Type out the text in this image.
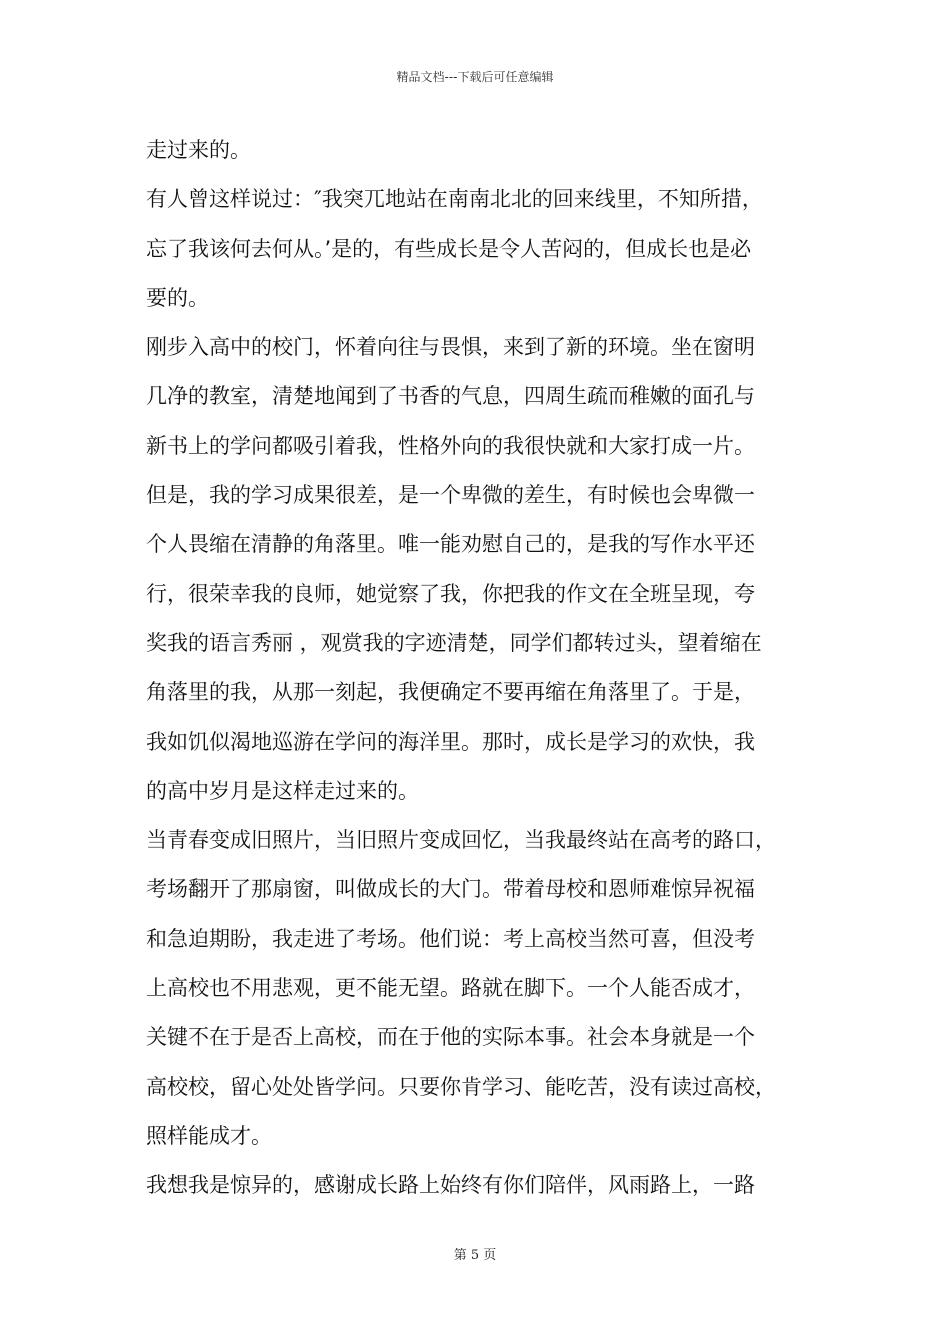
精品文档---下载后可任意编辑
走过来的。
有人曾这样说过：″我突兀地站在南南北北的回来线里，不知所措，
忘了我该何去何从。’是的，有些成长是令人苦闷的，但成长也是必
要的。
刚步入高中的校门，怀着向往与畏惧，来到了新的环境。坐在窗明
几净的教室，清楚地闻到了书香的气息，四周生疏而稚嫩的面孔与
新书上的学问都吸引着我，性格外向的我很快就和大家打成一片。
但是，我的学习成果很差，是一个卑微的差生，有时候也会卑微一
个人畏缩在清静的角落里。唯一能劝慰自己的，是我的写作水平还
行，很荣幸我的良师，她觉察了我，你把我的作文在全班呈现，夸
奖我的语言秀丽 ，观赏我的字迹清楚，同学们都转过头，望着缩在
角落里的我，从那一刻起，我便确定不要再缩在角落里了。于是，
我如饥似渴地巡游在学问的海洋里。那时，成长是学习的欢快，我
的高中岁月是这样走过来的。
当青春变成旧照片，当旧照片变成回忆，当我最终站在高考的路口，
考场翻开了那扇窗，叫做成长的大门。带着母校和恩师难惊异祝福
和急迫期盼，我走进了考场。他们说：考上高校当然可喜，但没考
上高校也不用悲观，更不能无望。路就在脚下。一个人能否成才，
关键不在于是否上高校，而在于他的实际本事。社会本身就是一个
高校校，留心处处皆学问。只要你肯学习、能吃苦，没有读过高校，
照样能成才。
我想我是惊异的，感谢成长路上始终有你们陪伴，风雨路上，一路
第 5 页
